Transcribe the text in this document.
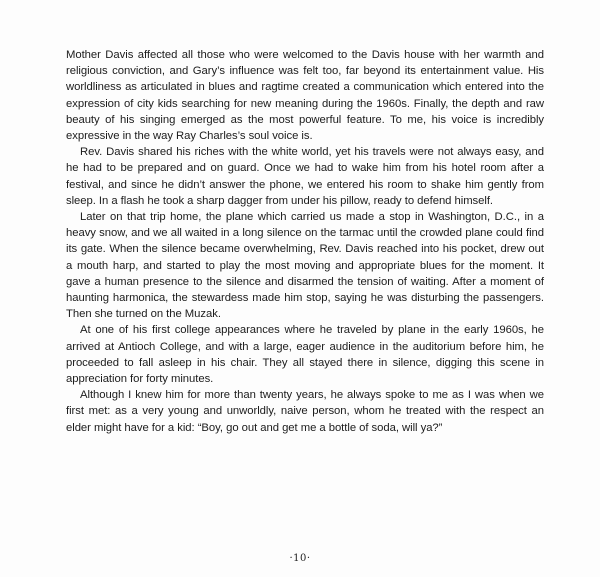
Mother Davis affected all those who were welcomed to the Davis house with her warmth and religious conviction, and Gary’s influence was felt too, far beyond its entertainment value. His worldliness as articulated in blues and ragtime created a communication which entered into the expression of city kids searching for new meaning during the 1960s. Finally, the depth and raw beauty of his singing emerged as the most powerful feature. To me, his voice is incredibly expressive in the way Ray Charles’s soul voice is.

Rev. Davis shared his riches with the white world, yet his travels were not always easy, and he had to be prepared and on guard. Once we had to wake him from his hotel room after a festival, and since he didn’t answer the phone, we entered his room to shake him gently from sleep. In a flash he took a sharp dagger from under his pillow, ready to defend himself.

Later on that trip home, the plane which carried us made a stop in Washington, D.C., in a heavy snow, and we all waited in a long silence on the tarmac until the crowded plane could find its gate. When the silence became overwhelming, Rev. Davis reached into his pocket, drew out a mouth harp, and started to play the most moving and appropriate blues for the moment. It gave a human presence to the silence and disarmed the tension of waiting. After a moment of haunting harmonica, the stewardess made him stop, saying he was disturbing the passengers. Then she turned on the Muzak.

At one of his first college appearances where he traveled by plane in the early 1960s, he arrived at Antioch College, and with a large, eager audience in the auditorium before him, he proceeded to fall asleep in his chair. They all stayed there in silence, digging this scene in appreciation for forty minutes.

Although I knew him for more than twenty years, he always spoke to me as I was when we first met: as a very young and unworldly, naive person, whom he treated with the respect an elder might have for a kid: “Boy, go out and get me a bottle of soda, will ya?”

·10·
